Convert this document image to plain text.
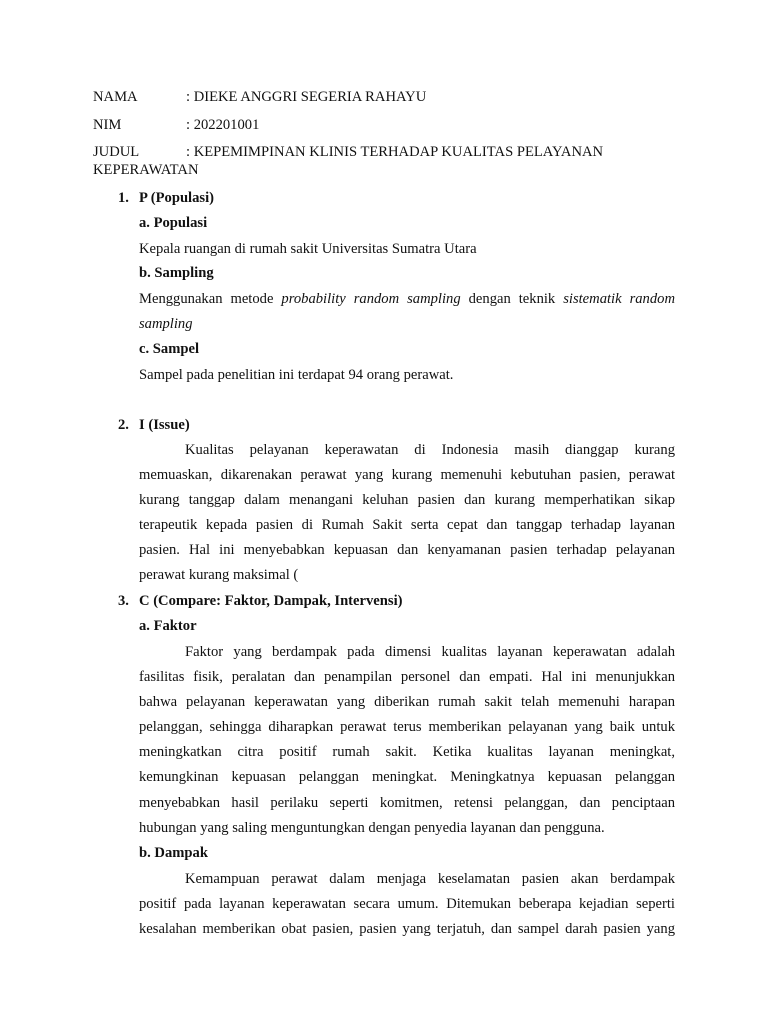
NAMA	: DIEKE ANGGRI SEGERIA RAHAYU
NIM	: 202201001
JUDUL	: KEPEMIMPINAN KLINIS TERHADAP KUALITAS PELAYANAN
KEPERAWATAN
1. P (Populasi)
a. Populasi
Kepala ruangan di rumah sakit Universitas Sumatra Utara
b. Sampling
Menggunakan metode probability random sampling dengan teknik sistematik random
sampling
c. Sampel
Sampel pada penelitian ini terdapat 94 orang perawat.
2. I (Issue)
Kualitas pelayanan keperawatan di Indonesia masih dianggap kurang
memuaskan, dikarenakan perawat yang kurang memenuhi kebutuhan pasien, perawat
kurang tanggap dalam menangani keluhan pasien dan kurang memperhatikan sikap
terapeutik kepada pasien di Rumah Sakit serta cepat dan tanggap terhadap layanan
pasien. Hal ini menyebabkan kepuasan dan kenyamanan pasien terhadap pelayanan
perawat kurang maksimal (
3. C (Compare: Faktor, Dampak, Intervensi)
a. Faktor
Faktor yang berdampak pada dimensi kualitas layanan keperawatan adalah
fasilitas fisik, peralatan dan penampilan personel dan empati. Hal ini menunjukkan
bahwa pelayanan keperawatan yang diberikan rumah sakit telah memenuhi harapan
pelanggan, sehingga diharapkan perawat terus memberikan pelayanan yang baik untuk
meningkatkan citra positif rumah sakit. Ketika kualitas layanan meningkat,
kemungkinan kepuasan pelanggan meningkat. Meningkatnya kepuasan pelanggan
menyebabkan hasil perilaku seperti komitmen, retensi pelanggan, dan penciptaan
hubungan yang saling menguntungkan dengan penyedia layanan dan pengguna.
b. Dampak
Kemampuan perawat dalam menjaga keselamatan pasien akan berdampak
positif pada layanan keperawatan secara umum. Ditemukan beberapa kejadian seperti
kesalahan memberikan obat pasien, pasien yang terjatuh, dan sampel darah pasien yang
